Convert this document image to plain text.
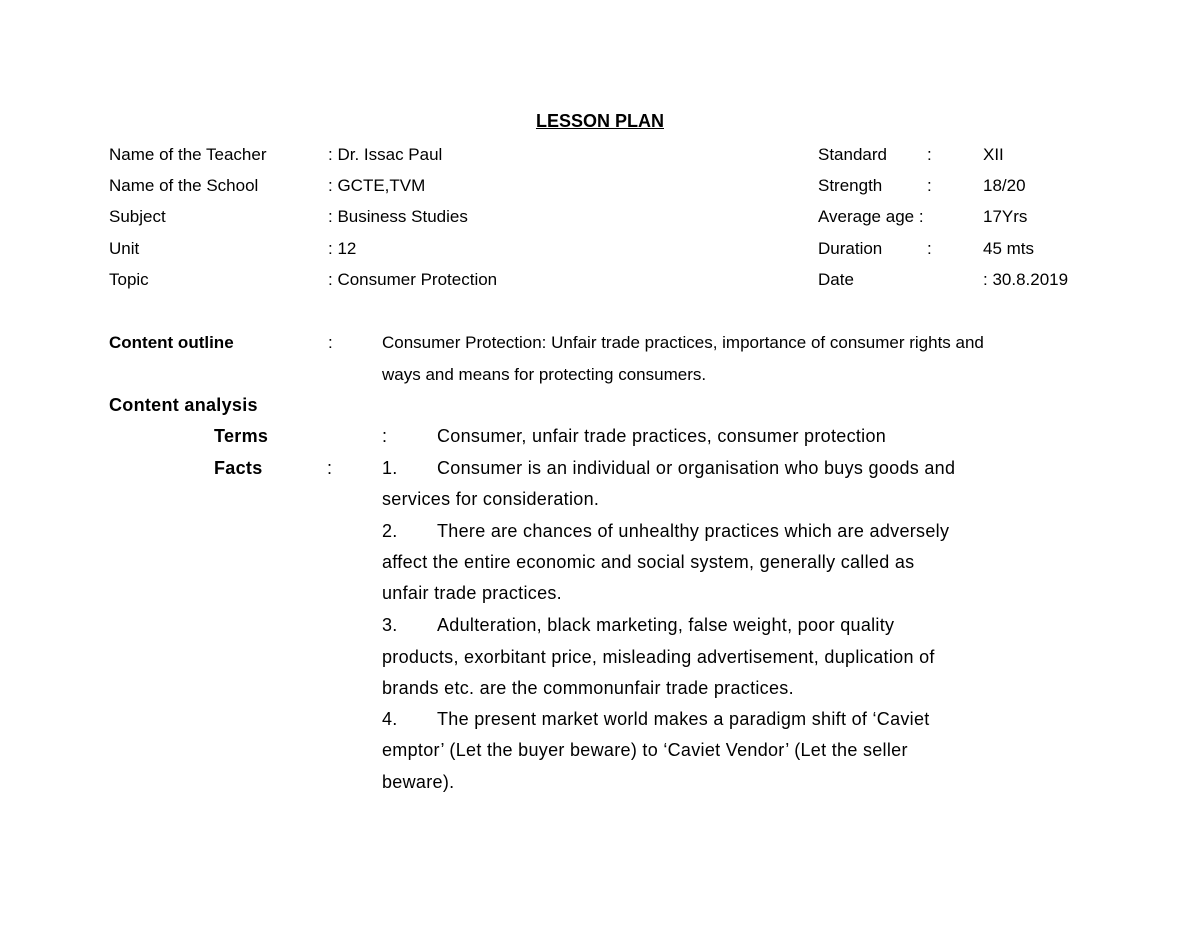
LESSON PLAN
Name of the Teacher	: Dr. Issac Paul
Name of the School	: GCTE,TVM
Subject	: Business Studies
Unit	: 12
Topic	: Consumer Protection
Standard :	XII
Strength	:	18/20
Average age :	17Yrs
Duration	:	45 mts
Date	: 30.8.2019
Content outline	:	Consumer Protection: Unfair trade practices, importance of consumer rights and
ways and means for protecting consumers.
Content analysis
Terms	:	Consumer, unfair trade practices, consumer protection
Facts	:	1. Consumer is an individual or organisation who buys goods and
services for consideration.
2. There are chances of unhealthy practices which are adversely
affect the entire economic and social system, generally called as
unfair trade practices.
3. Adulteration, black marketing, false weight, poor quality
products, exorbitant price, misleading advertisement, duplication of
brands etc. are the commonunfair trade practices.
4. The present market world makes a paradigm shift of ‘Caviet
emptor’ (Let the buyer beware) to ‘Caviet Vendor’ (Let the seller
beware).
